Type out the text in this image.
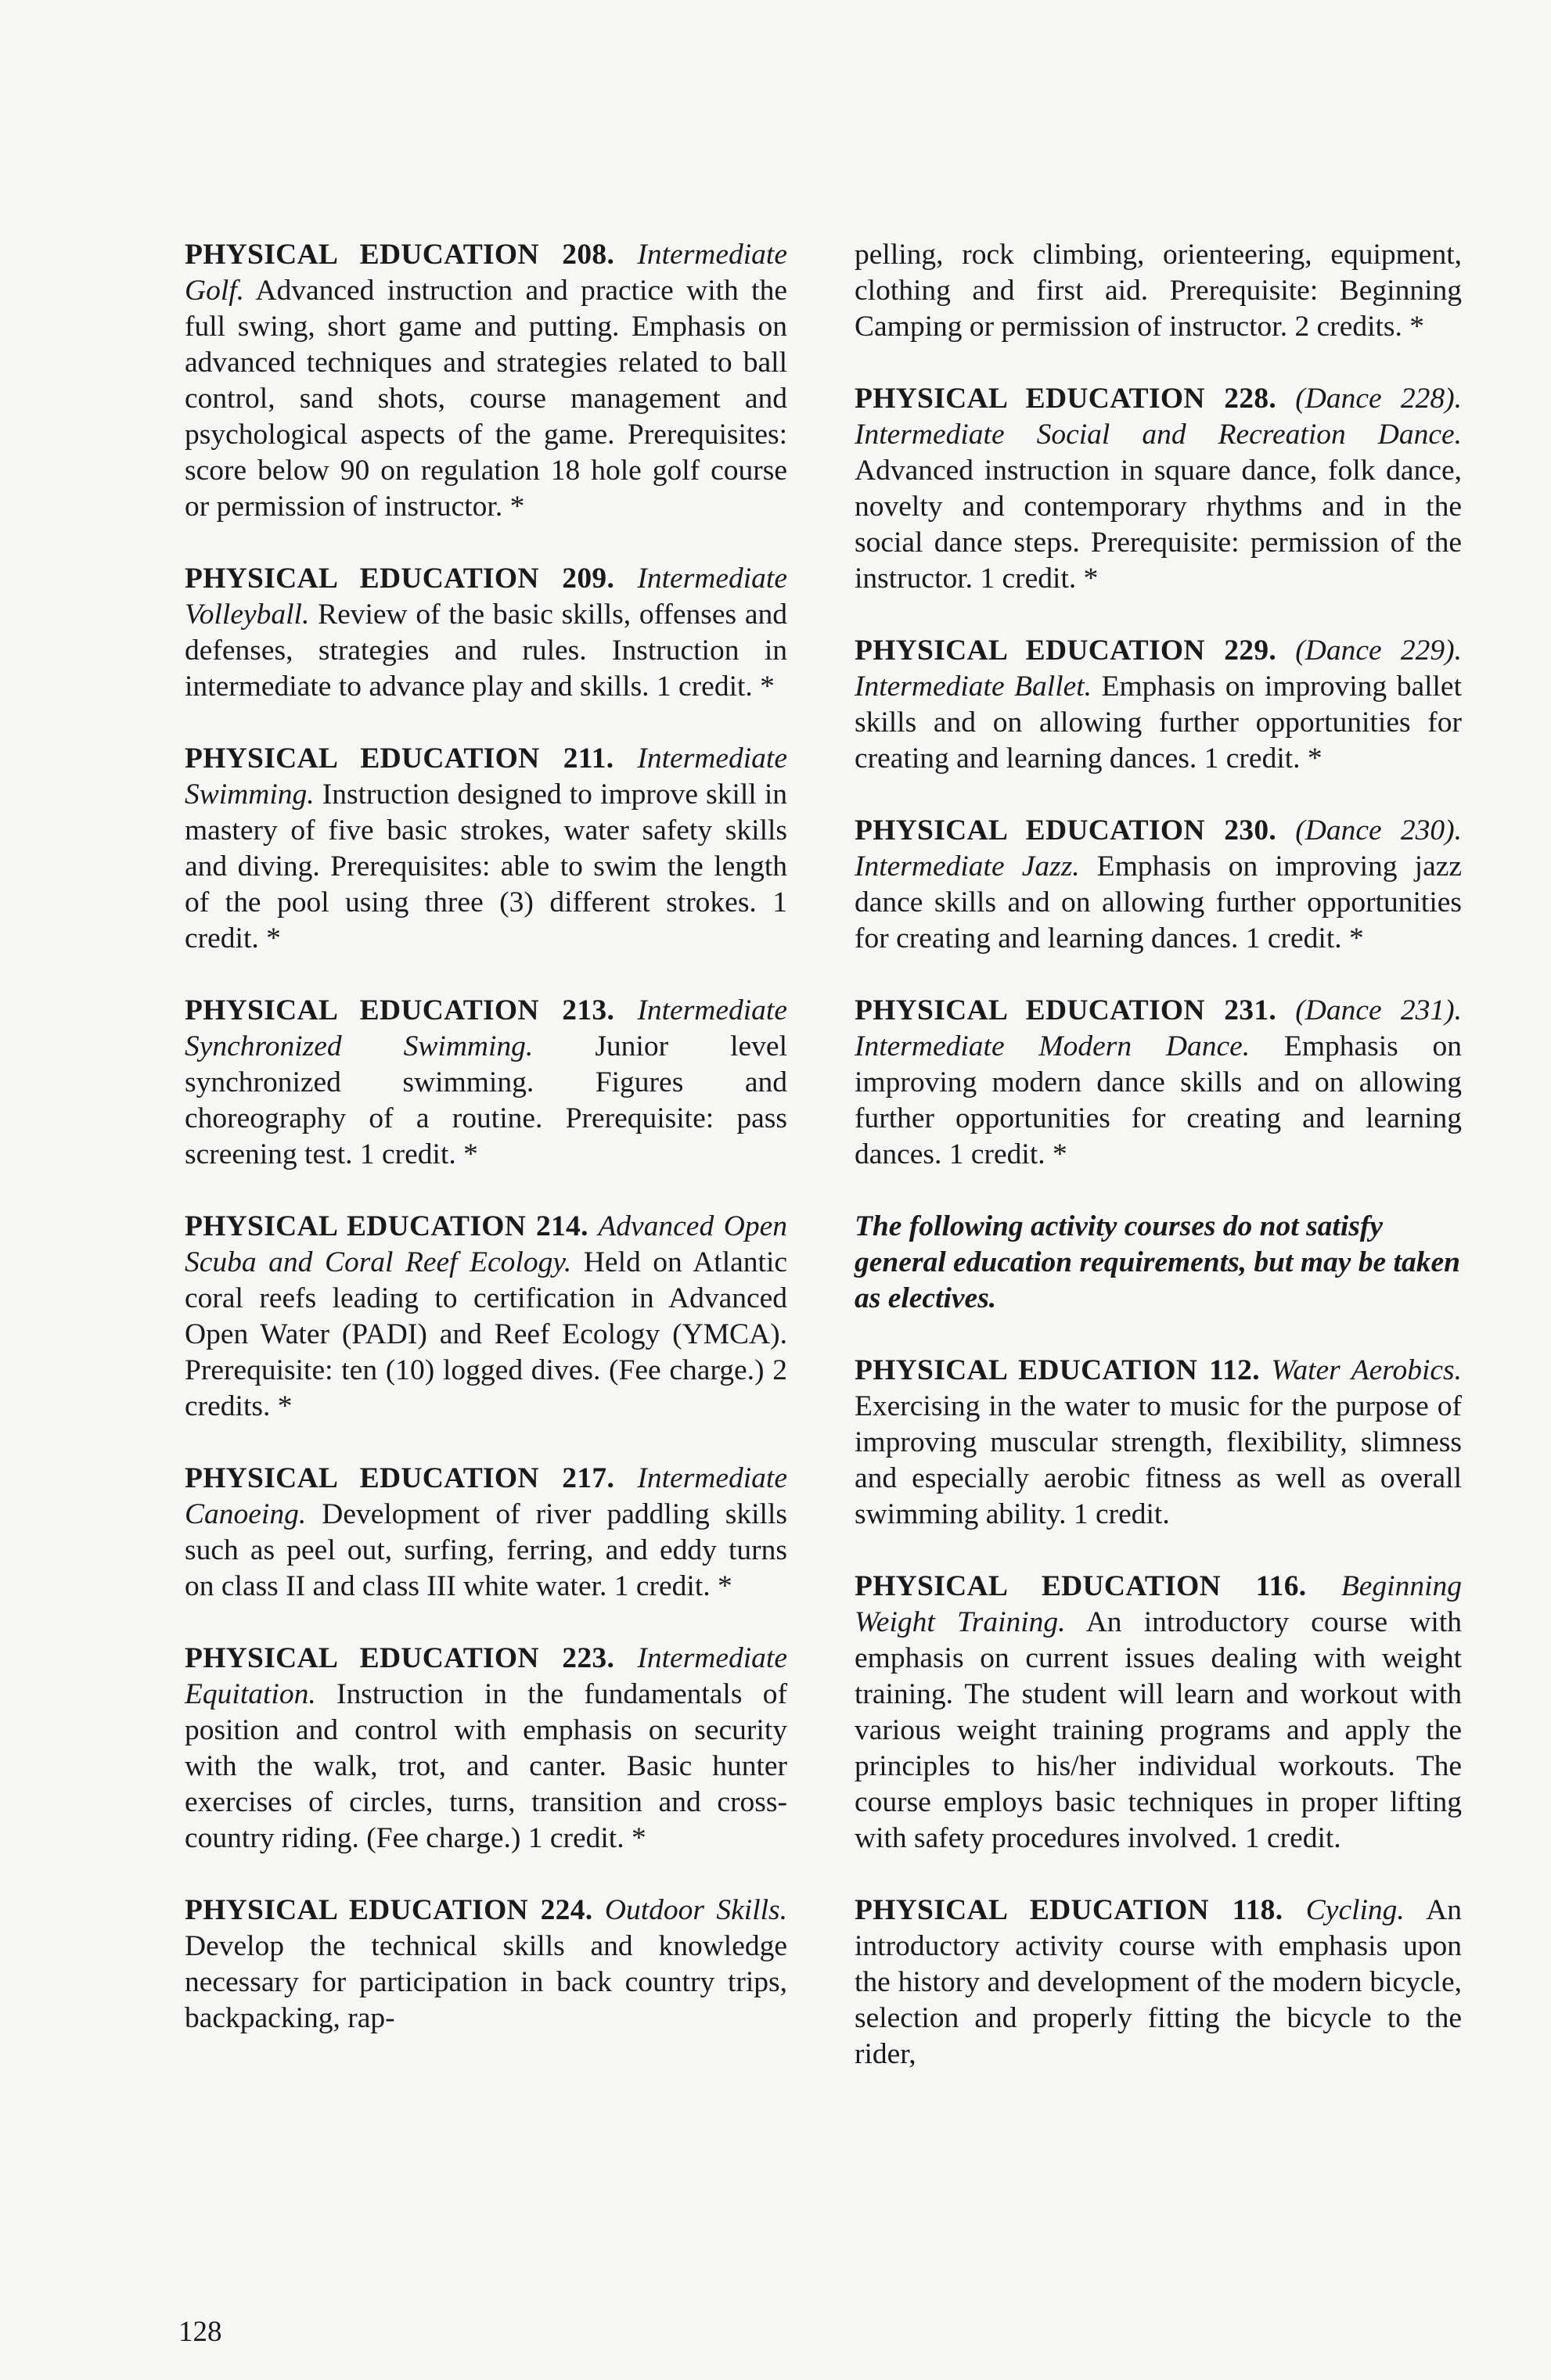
PHYSICAL EDUCATION 208. Intermediate Golf. Advanced instruction and practice with the full swing, short game and putting. Emphasis on advanced techniques and strategies related to ball control, sand shots, course management and psychological aspects of the game. Prerequisites: score below 90 on regulation 18 hole golf course or permission of instructor. *

PHYSICAL EDUCATION 209. Intermediate Volleyball. Review of the basic skills, offenses and defenses, strategies and rules. Instruction in intermediate to advance play and skills. 1 credit. *

PHYSICAL EDUCATION 211. Intermediate Swimming. Instruction designed to improve skill in mastery of five basic strokes, water safety skills and diving. Prerequisites: able to swim the length of the pool using three (3) different strokes. 1 credit. *

PHYSICAL EDUCATION 213. Intermediate Synchronized Swimming. Junior level synchronized swimming. Figures and choreography of a routine. Prerequisite: pass screening test. 1 credit. *

PHYSICAL EDUCATION 214. Advanced Open Scuba and Coral Reef Ecology. Held on Atlantic coral reefs leading to certification in Advanced Open Water (PADI) and Reef Ecology (YMCA). Prerequisite: ten (10) logged dives. (Fee charge.) 2 credits. *

PHYSICAL EDUCATION 217. Intermediate Canoeing. Development of river paddling skills such as peel out, surfing, ferring, and eddy turns on class II and class III white water. 1 credit. *

PHYSICAL EDUCATION 223. Intermediate Equitation. Instruction in the fundamentals of position and control with emphasis on security with the walk, trot, and canter. Basic hunter exercises of circles, turns, transition and cross-country riding. (Fee charge.) 1 credit. *

PHYSICAL EDUCATION 224. Outdoor Skills. Develop the technical skills and knowledge necessary for participation in back country trips, backpacking, rap-

pelling, rock climbing, orienteering, equipment, clothing and first aid. Prerequisite: Beginning Camping or permission of instructor. 2 credits. *

PHYSICAL EDUCATION 228. (Dance 228). Intermediate Social and Recreation Dance. Advanced instruction in square dance, folk dance, novelty and contemporary rhythms and in the social dance steps. Prerequisite: permission of the instructor. 1 credit. *

PHYSICAL EDUCATION 229. (Dance 229). Intermediate Ballet. Emphasis on improving ballet skills and on allowing further opportunities for creating and learning dances. 1 credit. *

PHYSICAL EDUCATION 230. (Dance 230). Intermediate Jazz. Emphasis on improving jazz dance skills and on allowing further opportunities for creating and learning dances. 1 credit. *

PHYSICAL EDUCATION 231. (Dance 231). Intermediate Modern Dance. Emphasis on improving modern dance skills and on allowing further opportunities for creating and learning dances. 1 credit. *

The following activity courses do not satisfy general education requirements, but may be taken as electives.

PHYSICAL EDUCATION 112. Water Aerobics. Exercising in the water to music for the purpose of improving muscular strength, flexibility, slimness and especially aerobic fitness as well as overall swimming ability. 1 credit.

PHYSICAL EDUCATION 116. Beginning Weight Training. An introductory course with emphasis on current issues dealing with weight training. The student will learn and workout with various weight training programs and apply the principles to his/her individual workouts. The course employs basic techniques in proper lifting with safety procedures involved. 1 credit.

PHYSICAL EDUCATION 118. Cycling. An introductory activity course with emphasis upon the history and development of the modern bicycle, selection and properly fitting the bicycle to the rider,

128
